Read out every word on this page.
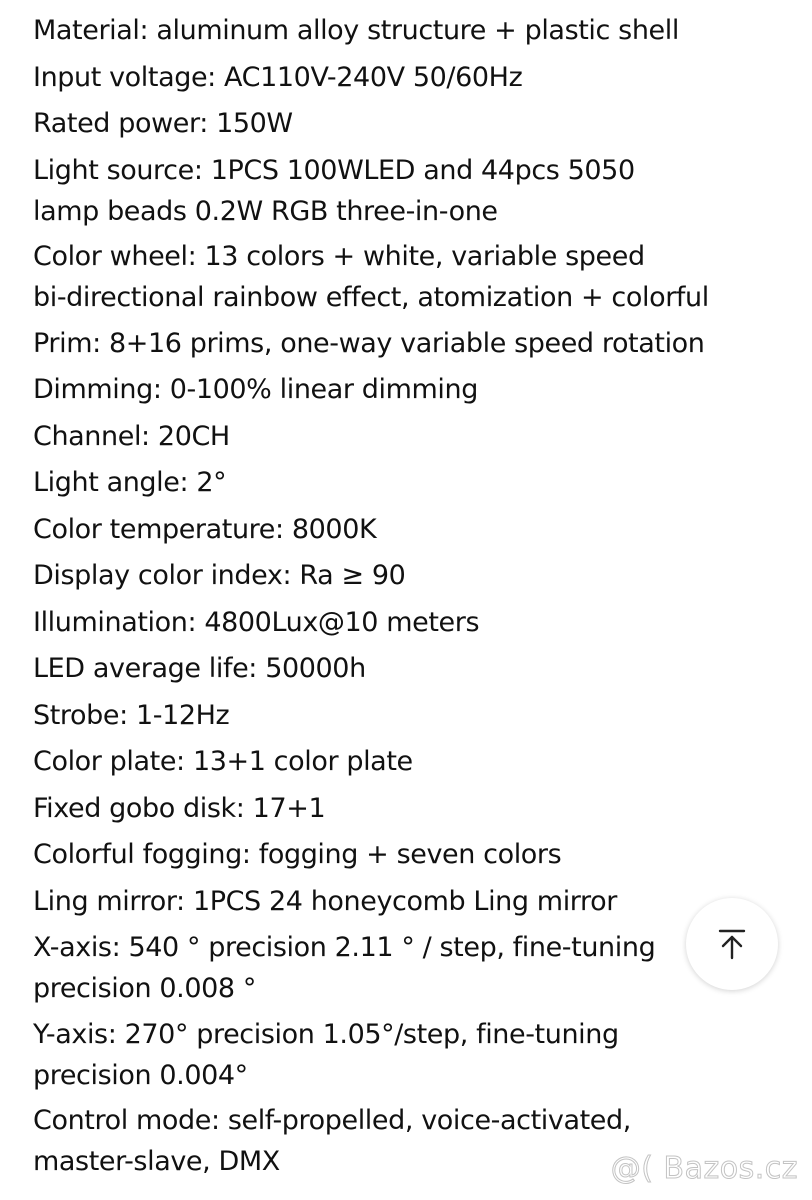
Material: aluminum alloy structure + plastic shell
Input voltage: AC110V-240V 50/60Hz
Rated power: 150W
Light source: 1PCS 100WLED and 44pcs 5050
lamp beads 0.2W RGB three-in-one
Color wheel: 13 colors + white, variable speed
bi-directional rainbow effect, atomization + colorful
Prim: 8+16 prims, one-way variable speed rotation
Dimming: 0-100% linear dimming
Channel: 20CH
Light angle: 2°
Color temperature: 8000K
Display color index: Ra ≥ 90
Illumination: 4800Lux@10 meters
LED average life: 50000h
Strobe: 1-12Hz
Color plate: 13+1 color plate
Fixed gobo disk: 17+1
Colorful fogging: fogging + seven colors
Ling mirror: 1PCS 24 honeycomb Ling mirror
X-axis: 540 ° precision 2.11 ° / step, fine-tuning
precision 0.008 °
Y-axis: 270° precision 1.05°/step, fine-tuning
precision 0.004°
Control mode: self-propelled, voice-activated,
master-slave, DMX	@( Bazos.cz
